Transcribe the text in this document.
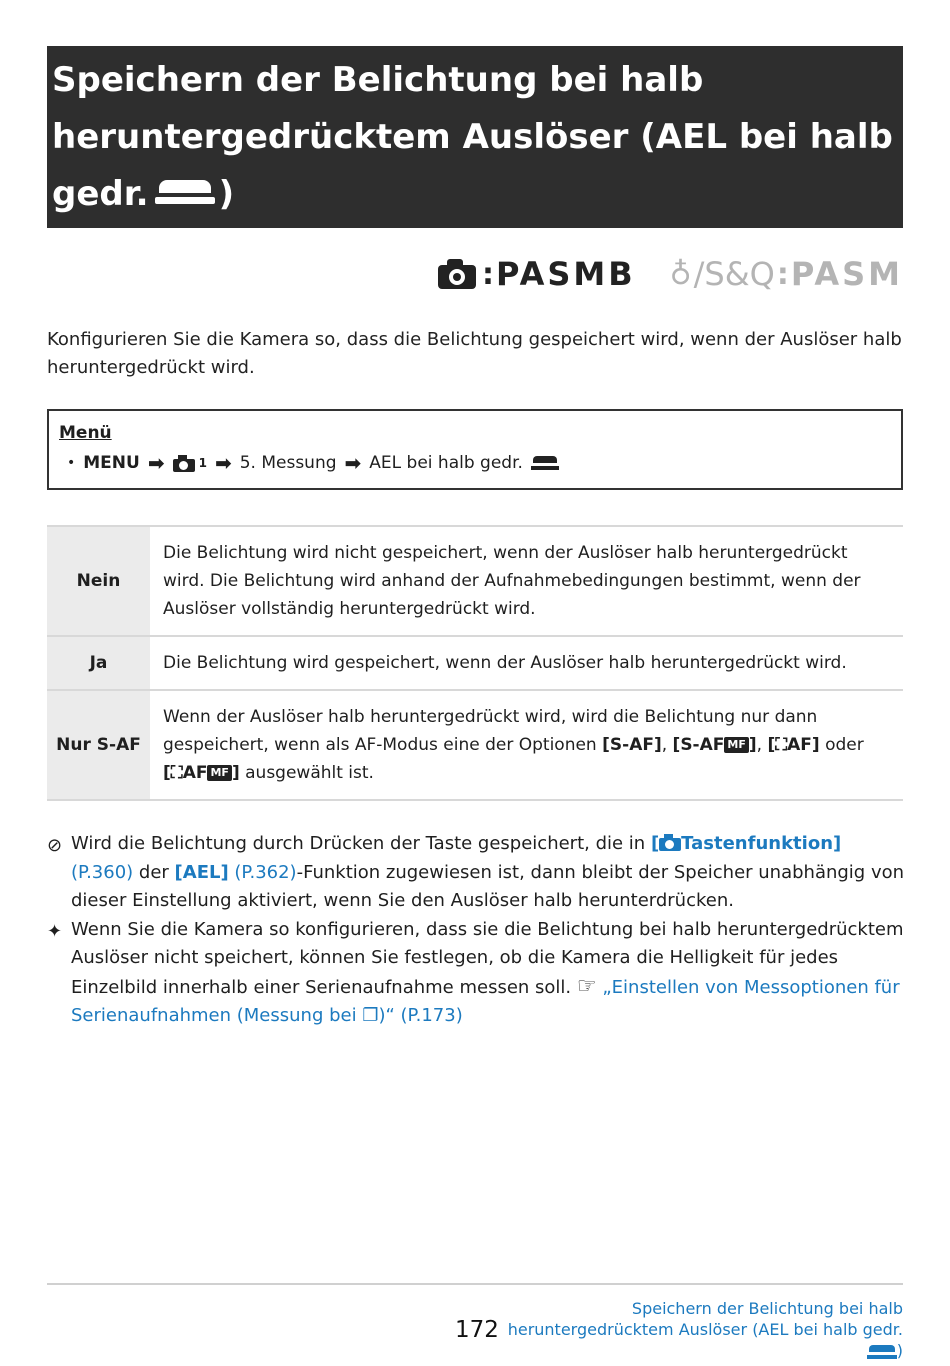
Speichern der Belichtung bei halb heruntergedrücktem Auslöser (AEL bei halb gedr. )
: PASMB ♁ /S&Q : PASM
Konfigurieren Sie die Kamera so, dass die Belichtung gespeichert wird, wenn der Auslöser halb heruntergedrückt wird.
Menü
• MENU ➡	1 ➡ 5. Messung ➡ AEL bei halb gedr.
Nein	Die Belichtung wird nicht gespeichert, wenn der Auslöser halb heruntergedrückt wird. Die Belichtung wird anhand der Aufnahmebedingungen bestimmt, wenn der Auslöser vollständig heruntergedrückt wird.
Ja	Die Belichtung wird gespeichert, wenn der Auslöser halb heruntergedrückt wird.
Nur S-AF	Wenn der Auslöser halb heruntergedrückt wird, wird die Belichtung nur dann gespeichert, wenn als AF-Modus eine der Optionen [S-AF], [S-AF MF ], [⛶AF] oder [⛶AF MF ] ausgewählt ist.
⊘ Wird die Belichtung durch Drücken der Taste gespeichert, die in [ Tastenfunktion] (P.360) der [AEL] (P.362)-Funktion zugewiesen ist, dann bleibt der Speicher unabhängig von dieser Einstellung aktiviert, wenn Sie den Auslöser halb herunterdrücken.
✦ Wenn Sie die Kamera so konfigurieren, dass sie die Belichtung bei halb heruntergedrücktem Auslöser nicht speichert, können Sie festlegen, ob die Kamera die Helligkeit für jedes Einzelbild innerhalb einer Serienaufnahme messen soll. ☞ „Einstellen von Messoptionen für Serienaufnahmen (Messung bei ❐)“ (P.173)
172
Speichern der Belichtung bei halb
heruntergedrücktem Auslöser (AEL bei halb gedr.
)
